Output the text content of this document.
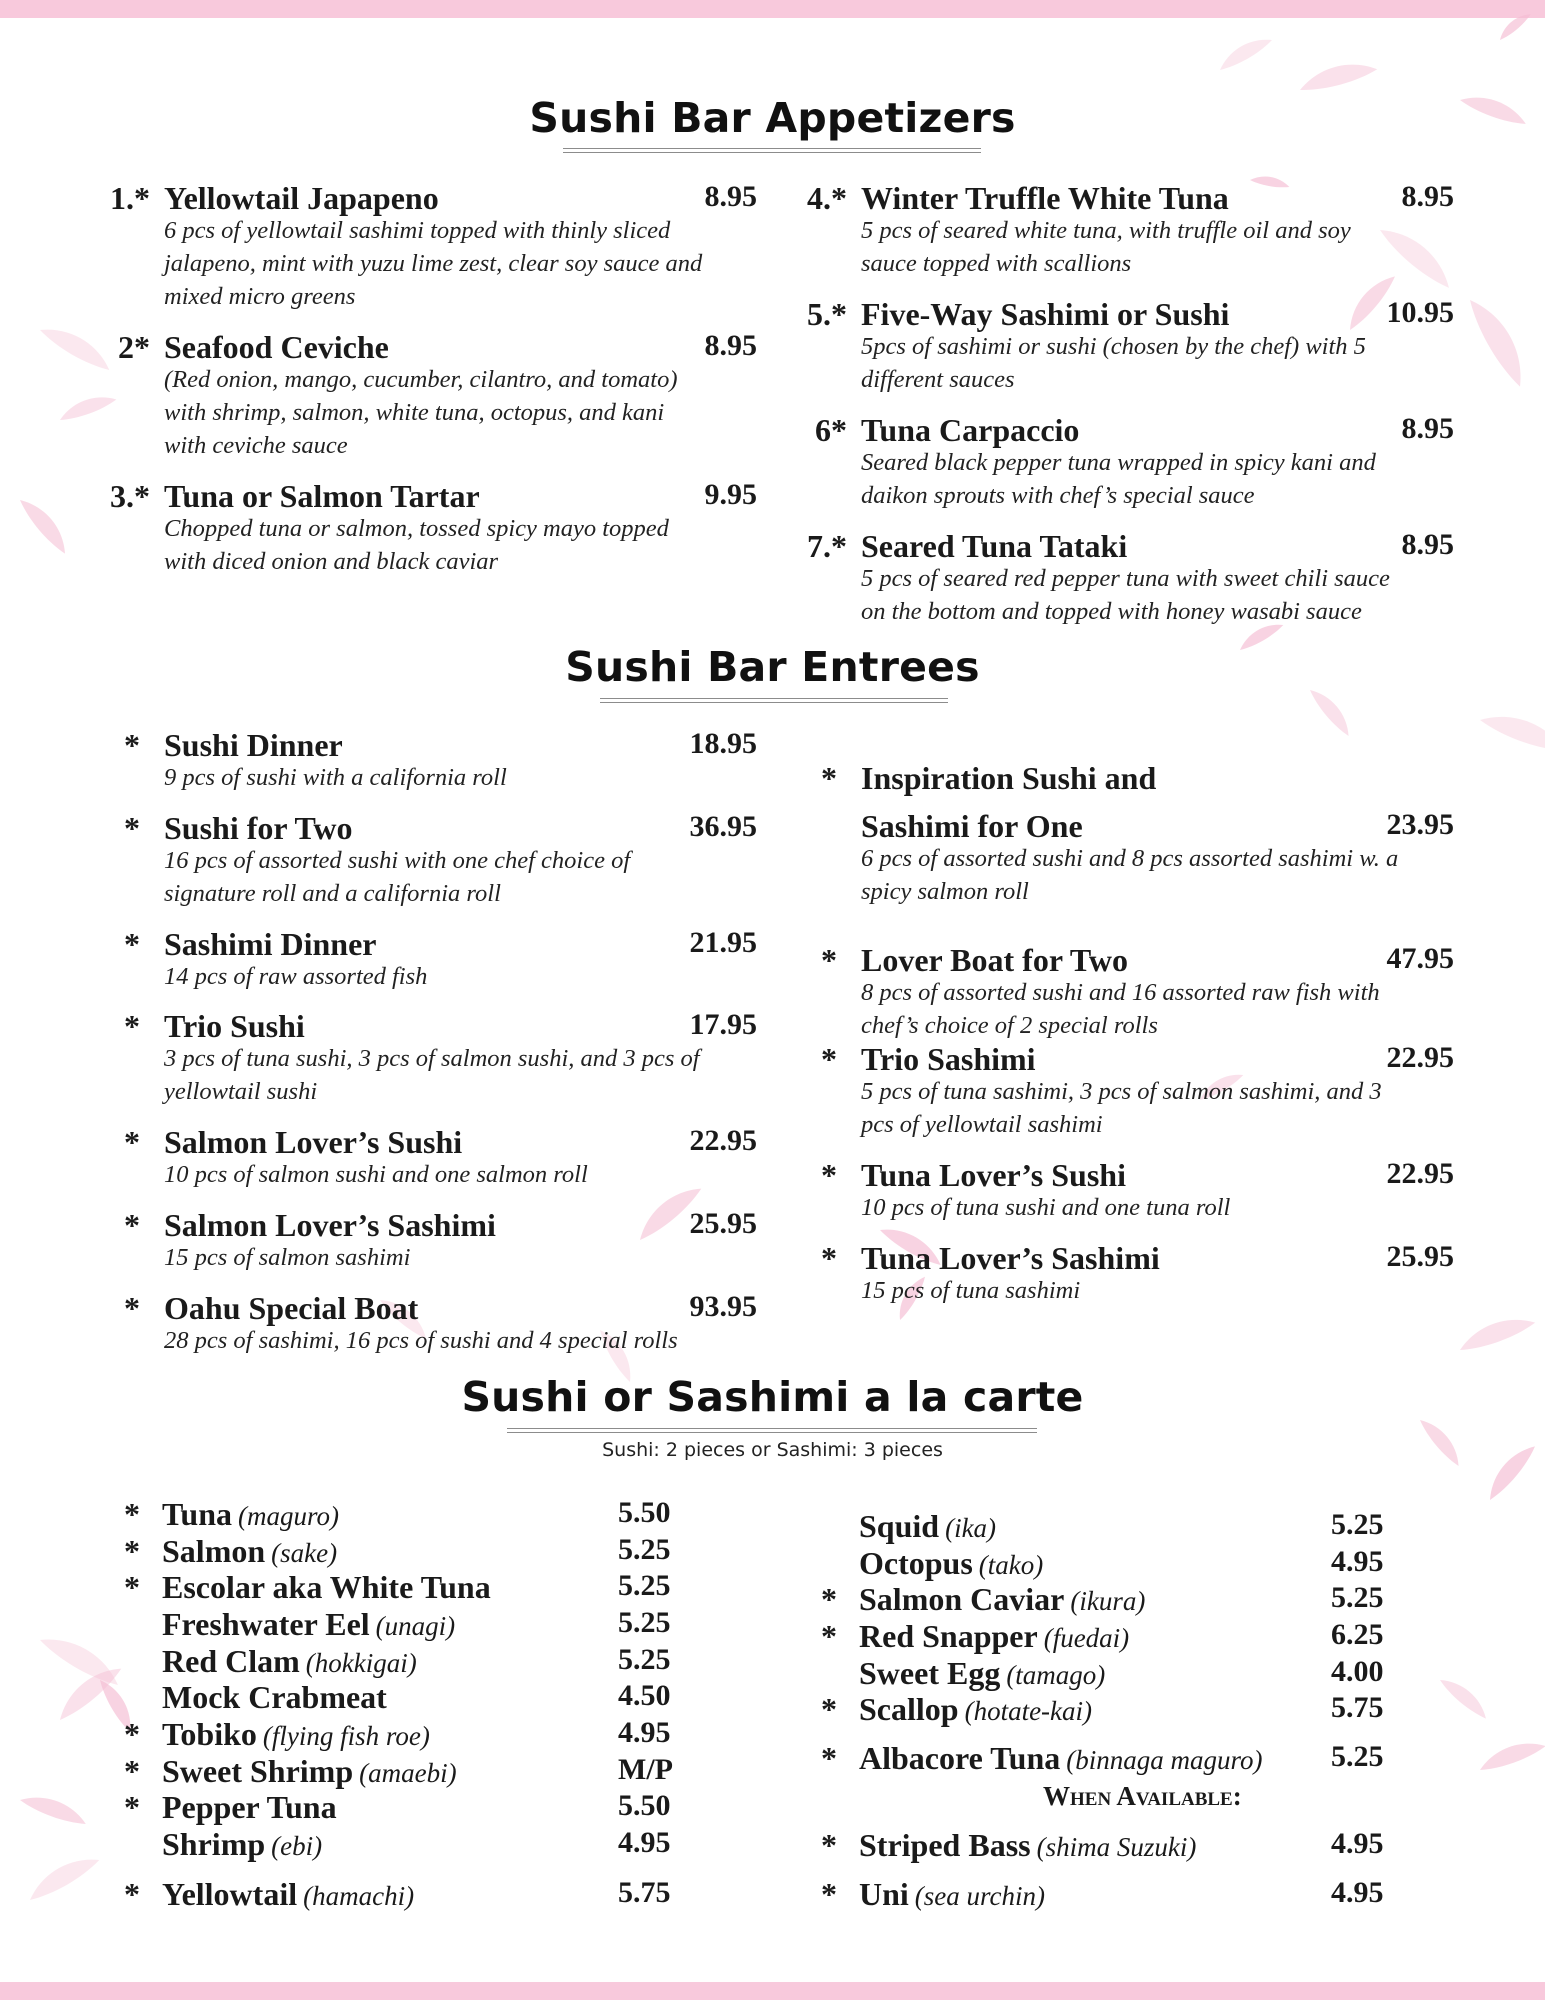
Sushi Bar Appetizers
Sushi Bar Entrees
Sushi or Sashimi a la carte
Sushi: 2 pieces or Sashimi: 3 pieces
1.* Yellowtail Japapeno	8.95
6 pcs of yellowtail sashimi topped with thinly sliced
jalapeno, mint with yuzu lime zest, clear soy sauce and
mixed micro greens
2* Seafood Ceviche	8.95
(Red onion, mango, cucumber, cilantro, and tomato)
with shrimp, salmon, white tuna, octopus, and kani
with ceviche sauce
3.* Tuna or Salmon Tartar	9.95
Chopped tuna or salmon, tossed spicy mayo topped
with diced onion and black caviar
4.* Winter Truffle White Tuna	8.95
5 pcs of seared white tuna, with truffle oil and soy
sauce topped with scallions
5.* Five-Way Sashimi or Sushi	10.95
5pcs of sashimi or sushi (chosen by the chef) with 5
different sauces
6* Tuna Carpaccio	8.95
Seared black pepper tuna wrapped in spicy kani and
daikon sprouts with chef’s special sauce
7.* Seared Tuna Tataki	8.95
5 pcs of seared red pepper tuna with sweet chili sauce
on the bottom and topped with honey wasabi sauce
* Sushi Dinner	18.95
9 pcs of sushi with a california roll
* Sushi for Two	36.95
16 pcs of assorted sushi with one chef choice of
signature roll and a california roll
* Sashimi Dinner	21.95
14 pcs of raw assorted fish
* Trio Sushi	17.95
3 pcs of tuna sushi, 3 pcs of salmon sushi, and 3 pcs of
yellowtail sushi
* Salmon Lover’s Sushi	22.95
10 pcs of salmon sushi and one salmon roll
* Salmon Lover’s Sashimi	25.95
15 pcs of salmon sashimi
* Oahu Special Boat	93.95
28 pcs of sashimi, 16 pcs of sushi and 4 special rolls
* Inspiration Sushi and
Sashimi for One	23.95
6 pcs of assorted sushi and 8 pcs assorted sashimi w. a
spicy salmon roll
* Lover Boat for Two	47.95
8 pcs of assorted sushi and 16 assorted raw fish with
chef’s choice of 2 special rolls
* Trio Sashimi	22.95
5 pcs of tuna sashimi, 3 pcs of salmon sashimi, and 3
pcs of yellowtail sashimi
* Tuna Lover’s Sushi	22.95
10 pcs of tuna sushi and one tuna roll
* Tuna Lover’s Sashimi	25.95
15 pcs of tuna sashimi
* Tuna (maguro)	5.50
* Salmon (sake)	5.25
* Escolar aka White Tuna	5.25
Freshwater Eel (unagi)	5.25
Red Clam (hokkigai)	5.25
Mock Crabmeat	4.50
* Tobiko (flying fish roe)	4.95
* Sweet Shrimp (amaebi)	M/P
* Pepper Tuna	5.50
Shrimp (ebi)	4.95
* Yellowtail (hamachi)	5.75
Squid (ika)	5.25
Octopus (tako)	4.95
* Salmon Caviar (ikura)	5.25
* Red Snapper (fuedai)	6.25
Sweet Egg (tamago)	4.00
* Scallop (hotate-kai)	5.75
* Albacore Tuna (binnaga maguro) 5.25
* Striped Bass (shima Suzuki)	4.95
* Uni (sea urchin)	4.95
When Available:
